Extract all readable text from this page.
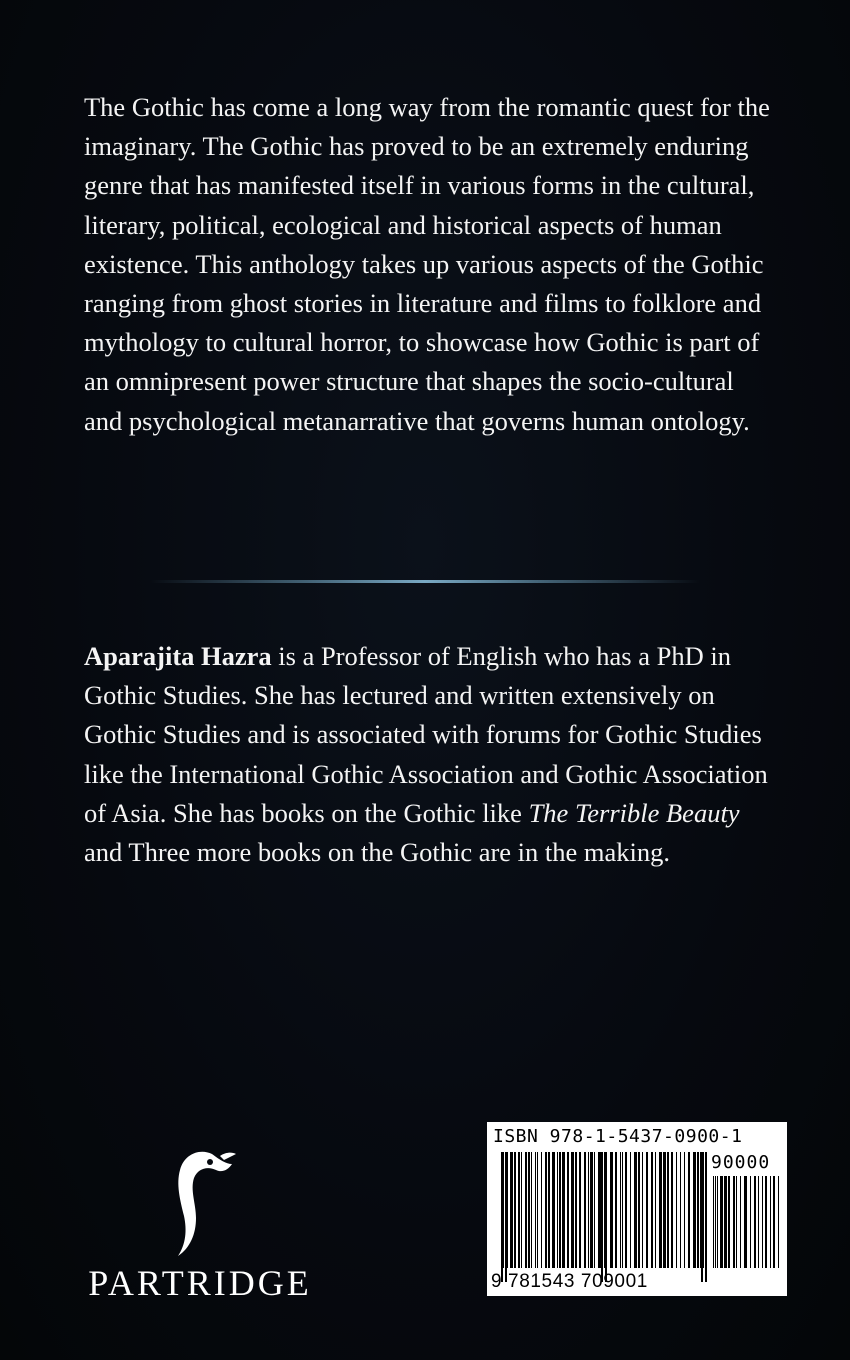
The Gothic has come a long way from the romantic quest for the imaginary. The Gothic has proved to be an extremely enduring genre that has manifested itself in various forms in the cultural, literary, political, ecological and historical aspects of human existence. This anthology takes up various aspects of the Gothic ranging from ghost stories in literature and films to folklore and mythology to cultural horror, to showcase how Gothic is part of an omnipresent power structure that shapes the socio-cultural and psychological metanarrative that governs human ontology.

Aparajita Hazra is a Professor of English who has a PhD in Gothic Studies. She has lectured and written extensively on Gothic Studies and is associated with forums for Gothic Studies like the International Gothic Association and Gothic Association of Asia. She has books on the Gothic like The Terrible Beauty and Three more books on the Gothic are in the making.

PARTRIDGE
ISBN 978-1-5437-0900-1
90000
9 781543 709001
